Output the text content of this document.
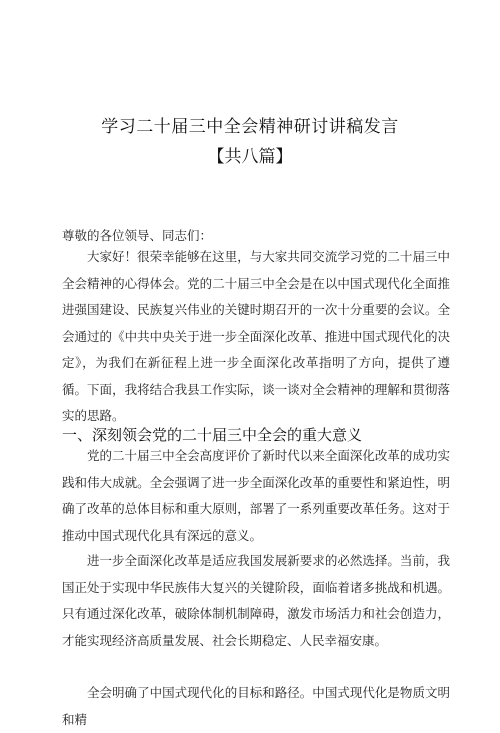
学习二十届三中全会精神研讨讲稿发言
【共八篇】
尊敬的各位领导、同志们：

大家好！很荣幸能够在这里，与大家共同交流学习党的二十届三中全会精神的心得体会。党的二十届三中全会是在以中国式现代化全面推进强国建设、民族复兴伟业的关键时期召开的一次十分重要的会议。全会通过的《中共中央关于进一步全面深化改革、推进中国式现代化的决定》，为我们在新征程上进一步全面深化改革指明了方向，提供了遵循。下面，我将结合我县工作实际，谈一谈对全会精神的理解和贯彻落实的思路。

一、深刻领会党的二十届三中全会的重大意义

党的二十届三中全会高度评价了新时代以来全面深化改革的成功实践和伟大成就。全会强调了进一步全面深化改革的重要性和紧迫性，明确了改革的总体目标和重大原则，部署了一系列重要改革任务。这对于推动中国式现代化具有深远的意义。

进一步全面深化改革是适应我国发展新要求的必然选择。当前，我国正处于实现中华民族伟大复兴的关键阶段，面临着诸多挑战和机遇。只有通过深化改革，破除体制机制障碍，激发市场活力和社会创造力，才能实现经济高质量发展、社会长期稳定、人民幸福安康。

全会明确了中国式现代化的目标和路径。中国式现代化是物质文明和精
